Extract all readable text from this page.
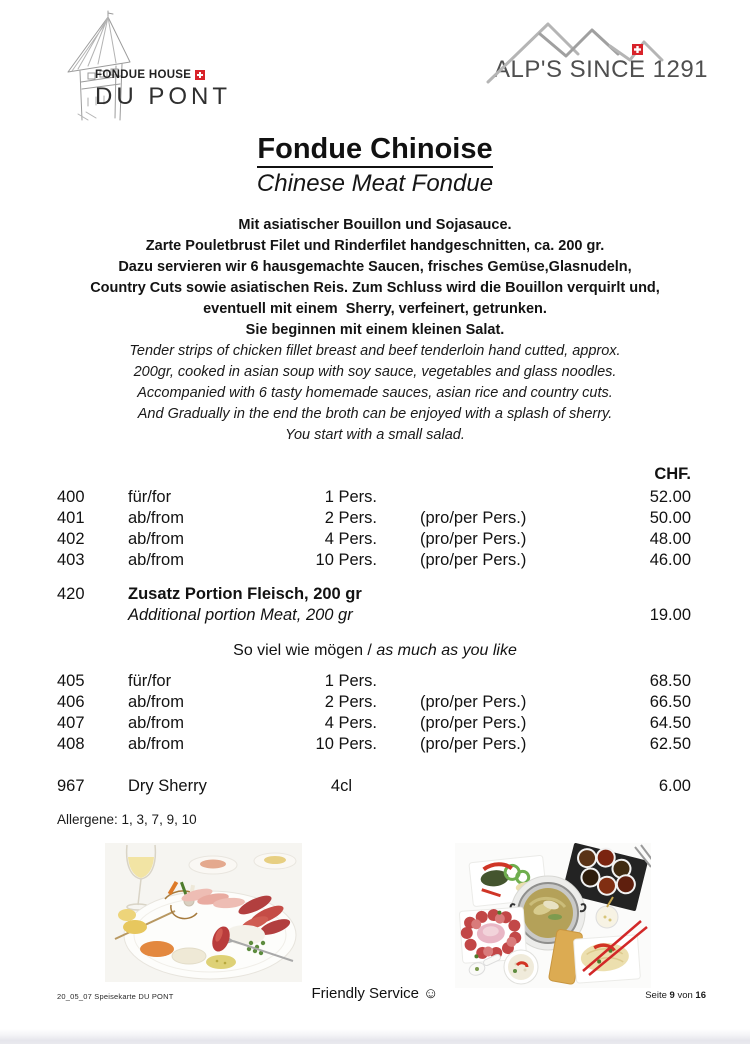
FONDUE HOUSE
DU PONT
ALP'S SINCE 1291
Fondue Chinoise
Chinese Meat Fondue
Mit asiatischer Bouillon und Sojasauce.
Zarte Pouletbrust Filet und Rinderfilet handgeschnitten, ca. 200 gr.
Dazu servieren wir 6 hausgemachte Saucen, frisches Gemüse,Glasnudeln,
Country Cuts sowie asiatischen Reis. Zum Schluss wird die Bouillon verquirlt und,
eventuell mit einem  Sherry, verfeinert, getrunken.
Sie beginnen mit einem kleinen Salat.
Tender strips of chicken fillet breast and beef tenderloin hand cutted, approx.
200gr, cooked in asian soup with soy sauce, vegetables and glass noodles.
Accompanied with 6 tasty homemade sauces, asian rice and country cuts.
And Gradually in the end the broth can be enjoyed with a splash of sherry.
You start with a small salad.
CHF.
400	für/for	1 Pers.	52.00
401	ab/from	2 Pers.	(pro/per Pers.)	50.00
402	ab/from	4 Pers.	(pro/per Pers.)	48.00
403	ab/from	10 Pers.	(pro/per Pers.)	46.00
420	Zusatz Portion Fleisch, 200 gr
Additional portion Meat, 200 gr	19.00
So viel wie mögen / as much as you like
405	für/for	1 Pers.	68.50
406	ab/from	2 Pers.	(pro/per Pers.)	66.50
407	ab/from	4 Pers.	(pro/per Pers.)	64.50
408	ab/from	10 Pers.	(pro/per Pers.)	62.50
967	Dry Sherry	4cl	6.00
Allergene: 1, 3, 7, 9, 10
20_05_07 Speisekarte DU PONT	Friendly Service ☺	Seite 9 von 16
